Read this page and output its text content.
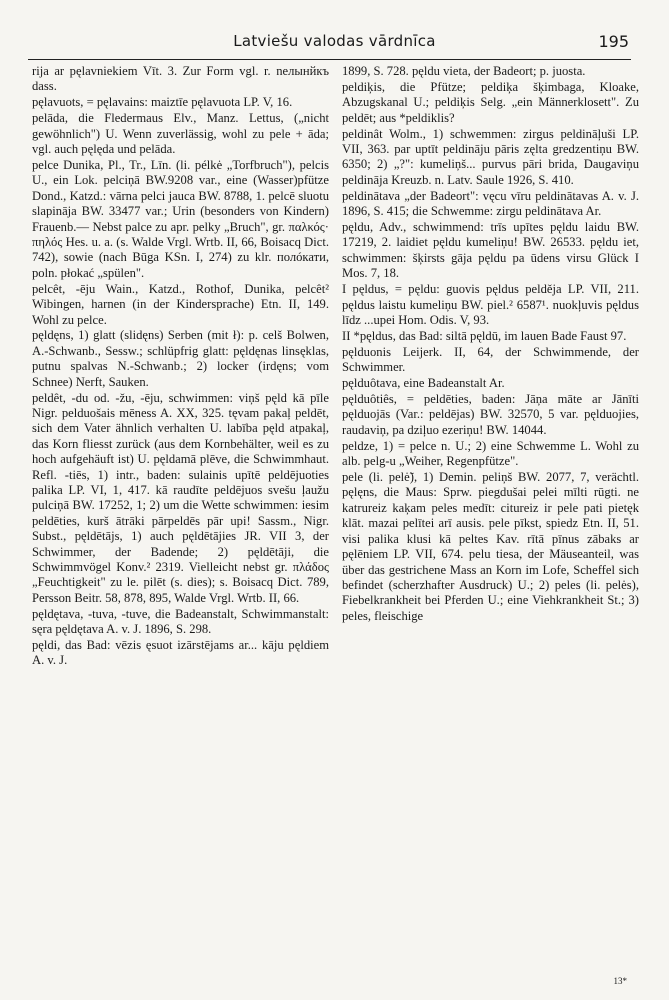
Latviešu valodas vārdnīca	195

rija ar pęlavniekiem Vīt. 3. Zur Form vgl. r. nелынйкъ dass.

pęlavuots, = pęlavains: maiztīe pęlavuota LP. V, 16.

pelāda, die Fledermaus Elv., Manz. Lettus, („nicht gewöhnlich") U. Wenn zuverlässig, wohl zu pele + āda; vgl. auch pęlęda und pelāda.

pelce Dunika, Pl., Tr., Līn. (li. pélkė „Torfbruch"), pelcis U., ein Lok. pelciņā BW.9208 var., eine (Wasser)pfütze Dond., Katzd.: vārna pelci jauca BW. 8788, 1. pelcē sluotu slapināja BW. 33477 var.; Urin (besonders von Kindern) Frauenb.— Nebst palce zu apr. pelky „Bruch", gr. παλκός· πηλός Hes. u. a. (s. Walde Vrgl. Wrtb. II, 66, Boisacq Dict. 742), sowie (nach Būga KSn. I, 274) zu klr. полóкати, poln. płokać „spülen".

pelcêt, -ēju Wain., Katzd., Rothof, Dunika, pelcêt² Wibingen, harnen (in der Kindersprache) Etn. II, 149. Wohl zu pelce.

pęldęns, 1) glatt (slidęns) Serben (mit ł): p. celš Bolwen, A.-Schwanb., Sessw.; schlüpfrig glatt: pęldęnas linsęklas, putnu spalvas N.-Schwanb.; 2) locker (irdęns; vom Schnee) Nerft, Sauken.

peldêt, -du od. -žu, -ēju, schwimmen: viņš pęld kā pīle Nigr. pelduošais mēness A. XX, 325. tęvam pakaļ peldēt, sich dem Vater ähnlich verhalten U. labība pęld atpakaļ, das Korn fliesst zurück (aus dem Kornbehälter, weil es zu hoch aufgehäuft ist) U. pęldamā plēve, die Schwimmhaut. Refl. -tiēs, 1) intr., baden: sulainis upītē peldējuoties palika LP. VI, 1, 417. kā raudīte peldējuos svešu ļaužu pulciņā BW. 17252, 1; 2) um die Wette schwimmen: iesim peldēties, kurš ātrāki pārpeldēs pār upi! Sassm., Nigr. Subst., pęldētājs, 1) auch pęldētājies JR. VII 3, der Schwimmer, der Badende; 2) pęldētāji, die Schwimmvögel Konv.² 2319. Vielleicht nebst gr. πλάδος „Feuchtigkeit" zu le. pilēt (s. dies); s. Boisacq Dict. 789, Persson Beitr. 58, 878, 895, Walde Vrgl. Wrtb. II, 66.

pęldętava, -tuva, -tuve, die Badeanstalt, Schwimmanstalt: sęra pęldętava A. v. J. 1896, S. 298.

pęldi, das Bad: vēzis ęsuot izārstējams ar... kāju pęldiem A. v. J.

1899, S. 728. pęldu vieta, der Badeort; p. juosta.

peldiķis, die Pfütze; peldiķa šķimbaga, Kloake, Abzugskanal U.; peldiķis Selg. „ein Männerklosett". Zu peldēt; aus *peldiklis?

peldinât Wolm., 1) schwemmen: zirgus peldināļuši LP. VII, 363. par uptīt peldināju pāris zęlta gredzentiņu BW. 6350; 2) „?": kumeliņš... purvus pāri brida, Daugaviņu peldināja Kreuzb. n. Latv. Saule 1926, S. 410.

peldinātava „der Badeort": vęcu vīru peldinātavas A. v. J. 1896, S. 415; die Schwemme: zirgu peldinātava Ar.

pęldu, Adv., schwimmend: trīs upītes pęldu laidu BW. 17219, 2. laidiet pęldu kumeliņu! BW. 26533. pęldu iet, schwimmen: šķirsts gāja pęldu pa ūdens virsu Glück I Mos. 7, 18.

I pęldus, = pęldu: guovis pęldus pelděja LP. VII, 211. pęldus laistu kumeliņu BW. piel.² 6587¹. nuokļuvis pęldus līdz ...upei Hom. Odis. V, 93.

II *pęldus, das Bad: siltā pęldū, im lauen Bade Faust 97.

pęlduonis Leijerk. II, 64, der Schwimmende, der Schwimmer.

pęlduôtava, eine Badeanstalt Ar.

pęlduôtiês, = peldēties, baden: Jāņa māte ar Jānīti pęlduojās (Var.: peldējas) BW. 32570, 5 var. pęlduojies, raudaviņ, pa dziļuo ezeriņu! BW. 14044.

peldze, 1) = pelce n. U.; 2) eine Schwemme L. Wohl zu alb. pelg-u „Weiher, Regenpfütze".

pele (li. pelė̃), 1) Demin. peliņš BW. 2077, 7, verächtl. pęlęns, die Maus: Sprw. piegdušai pelei mīlti rūgti. ne katrureiz kaķam peles medīt: citureiz ir pele pati pietęk klāt. mazai pelītei arī ausis. pele pīkst, spiedz Etn. II, 51. visi palika klusi kā peltes Kav. rītā pīnus zābaks ar pęlēniem LP. VII, 674. pelu tiesa, der Mäuseanteil, was über das gestrichene Mass an Korn im Lofe, Scheffel sich befindet (scherzhafter Ausdruck) U.; 2) peles (li. pelės), Fiebelkrankheit bei Pferden U.; eine Viehkrankheit St.; 3) peles, fleischige

13*
